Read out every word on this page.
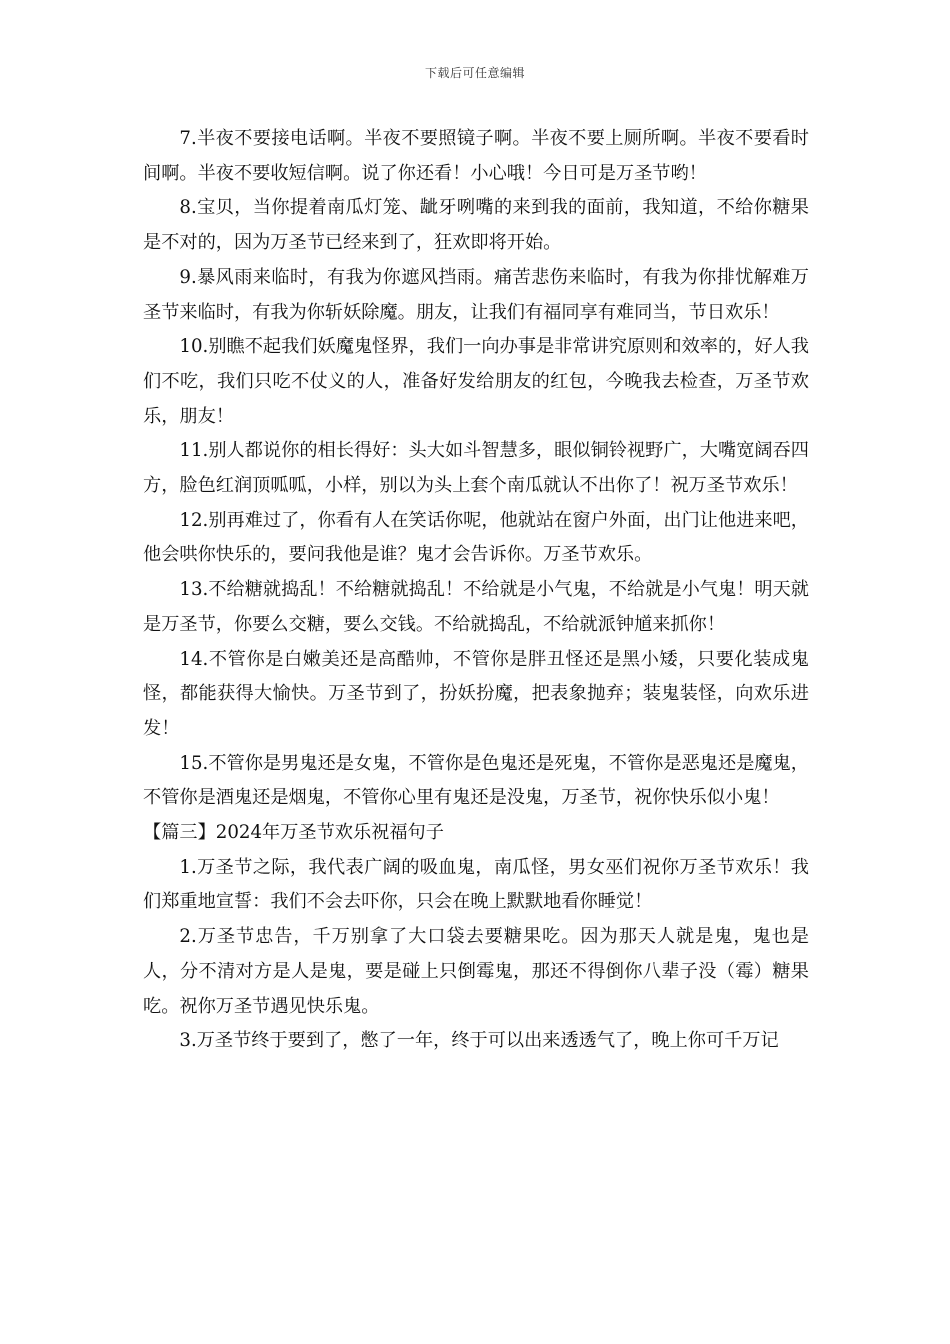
下载后可任意编辑

7.半夜不要接电话啊。半夜不要照镜子啊。半夜不要上厕所啊。半夜不要看时间啊。半夜不要收短信啊。说了你还看！小心哦！今日可是万圣节哟！

8.宝贝，当你提着南瓜灯笼、龇牙咧嘴的来到我的面前，我知道，不给你糖果是不对的，因为万圣节已经来到了，狂欢即将开始。

9.暴风雨来临时，有我为你遮风挡雨。痛苦悲伤来临时，有我为你排忧解难万圣节来临时，有我为你斩妖除魔。朋友，让我们有福同享有难同当，节日欢乐！

10.别瞧不起我们妖魔鬼怪界，我们一向办事是非常讲究原则和效率的，好人我们不吃，我们只吃不仗义的人，准备好发给朋友的红包，今晚我去检查，万圣节欢乐，朋友！

11.别人都说你的相长得好：头大如斗智慧多，眼似铜铃视野广，大嘴宽阔吞四方，脸色红润顶呱呱，小样，别以为头上套个南瓜就认不出你了！祝万圣节欢乐！

12.别再难过了，你看有人在笑话你呢，他就站在窗户外面，出门让他进来吧，他会哄你快乐的，要问我他是谁？鬼才会告诉你。万圣节欢乐。

13.不给糖就捣乱！不给糖就捣乱！不给就是小气鬼，不给就是小气鬼！明天就是万圣节，你要么交糖，要么交钱。不给就捣乱，不给就派钟馗来抓你！

14.不管你是白嫩美还是高酷帅，不管你是胖丑怪还是黑小矮，只要化装成鬼怪，都能获得大愉快。万圣节到了，扮妖扮魔，把表象抛弃；装鬼装怪，向欢乐进发！

15.不管你是男鬼还是女鬼，不管你是色鬼还是死鬼，不管你是恶鬼还是魔鬼，不管你是酒鬼还是烟鬼，不管你心里有鬼还是没鬼，万圣节，祝你快乐似小鬼！

【篇三】2024年万圣节欢乐祝福句子

1.万圣节之际，我代表广阔的吸血鬼，南瓜怪，男女巫们祝你万圣节欢乐！我们郑重地宣誓：我们不会去吓你，只会在晚上默默地看你睡觉！

2.万圣节忠告，千万别拿了大口袋去要糖果吃。因为那天人就是鬼，鬼也是人，分不清对方是人是鬼，要是碰上只倒霉鬼，那还不得倒你八辈子没（霉）糖果吃。祝你万圣节遇见快乐鬼。

3.万圣节终于要到了，憋了一年，终于可以出来透透气了，晚上你可千万记
